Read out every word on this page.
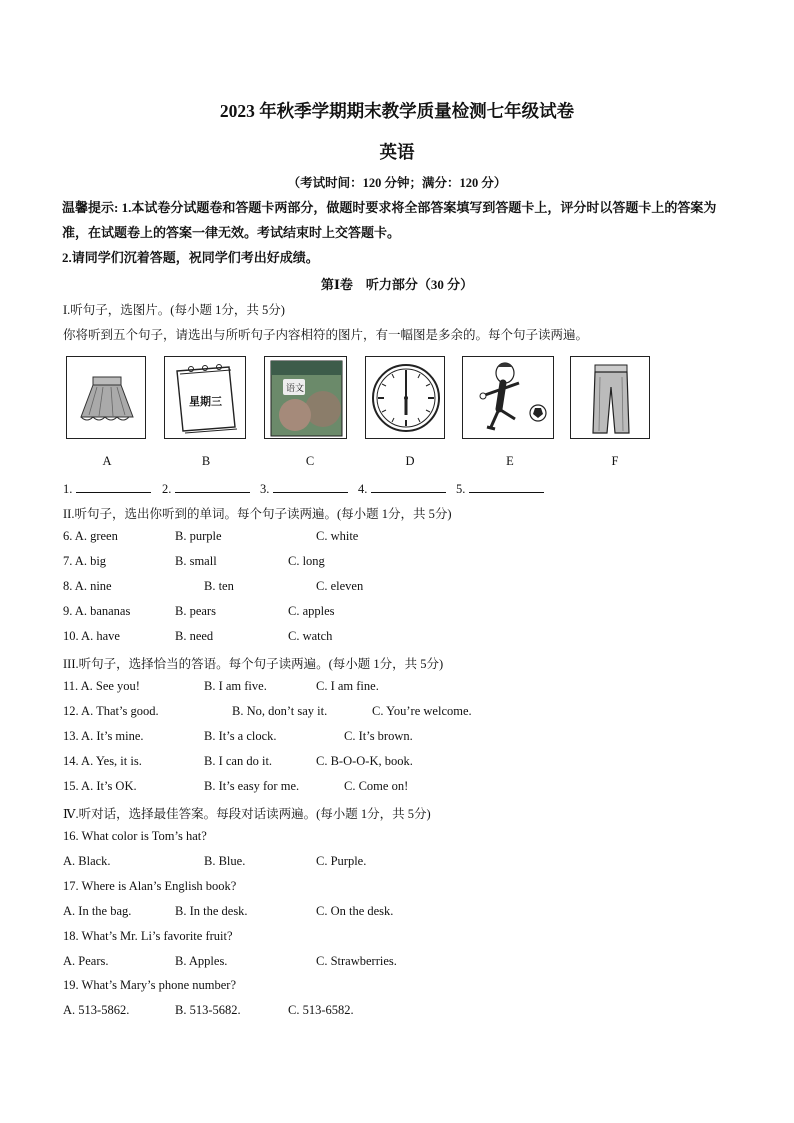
2023 年秋季学期期末教学质量检测七年级试卷
英语
（考试时间：120 分钟；满分：120 分）
温馨提示: 1.本试卷分试题卷和答题卡两部分，做题时要求将全部答案填写到答题卡上，评分时以答题卡上的答案为准，在试题卷上的答案一律无效。考试结束时上交答题卡。
2.请同学们沉着答题，祝同学们考出好成绩。
第Ⅰ卷　听力部分（30 分）
I.听句子，选图片。(每小题 1分，共 5分)
你将听到五个句子，请选出与所听句子内容相符的图片，有一幅图是多余的。每个句子读两遍。
星期三
语文
A	B	C	D	E	F
1.	2.	3.	4.	5.
II.听句子，选出你听到的单词。每个句子读两遍。(每小题 1分，共 5分)
6. A. green	B. purple	C. white
7. A. big	B. small	C. long
8. A. nine	B. ten	C. eleven
9. A. bananas	B. pears	C. apples
10. A. have	B. need	C. watch
III.听句子，选择恰当的答语。每个句子读两遍。(每小题 1分，共 5分)
11. A. See you!	B. I am five.	C. I am fine.
12. A. That’s good.	B. No, don’t say it.	C. You’re welcome.
13. A. It’s mine.	B. It’s a clock.	C. It’s brown.
14. A. Yes, it is.	B. I can do it.	C. B-O-O-K, book.
15. A. It’s OK.	B. It’s easy for me.	C. Come on!
Ⅳ.听对话，选择最佳答案。每段对话读两遍。(每小题 1分，共 5分)
16. What color is Tom’s hat?
A. Black.	B. Blue.	C. Purple.
17. Where is Alan’s English book?
A. In the bag.	B. In the desk.	C. On the desk.
18. What’s Mr. Li’s favorite fruit?
A. Pears.	B. Apples.	C. Strawberries.
19. What’s Mary’s phone number?
A. 513-5862.	B. 513-5682.	C. 513-6582.
